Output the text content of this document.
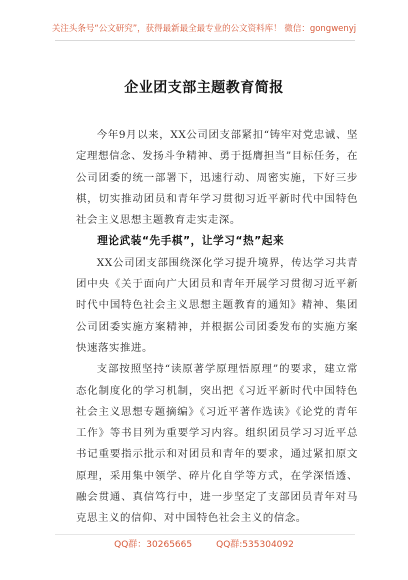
关注头条号“公文研究”，获得最新最全最专业的公文资料库！ 微信：gongwenyj
企业团支部主题教育简报

今年9月以来，XX公司团支部紧扣“铸牢对党忠诚、坚定理想信念、发扬斗争精神、勇于挺膺担当”目标任务，在公司团委的统一部署下，迅速行动、周密实施，下好三步棋，切实推动团员和青年学习贯彻习近平新时代中国特色社会主义思想主题教育走实走深。

理论武装“先手棋”，让学习“热”起来

XX公司团支部围绕深化学习提升境界，传达学习共青团中央《关于面向广大团员和青年开展学习贯彻习近平新时代中国特色社会主义思想主题教育的通知》精神、集团公司团委实施方案精神，并根据公司团委发布的实施方案快速落实推进。

支部按照坚持“读原著学原理悟原理”的要求，建立常态化制度化的学习机制，突出把《习近平新时代中国特色社会主义思想专题摘编》《习近平著作选读》《论党的青年工作》等书目列为重要学习内容。组织团员学习习近平总书记重要指示批示和对团员和青年的要求，通过紧扣原文原理，采用集中领学、碎片化自学等方式，在学深悟透、融会贯通、真信笃行中，进一步坚定了支部团员青年对马克思主义的信仰、对中国特色社会主义的信念。

QQ群：30265665	QQ群:535304092
